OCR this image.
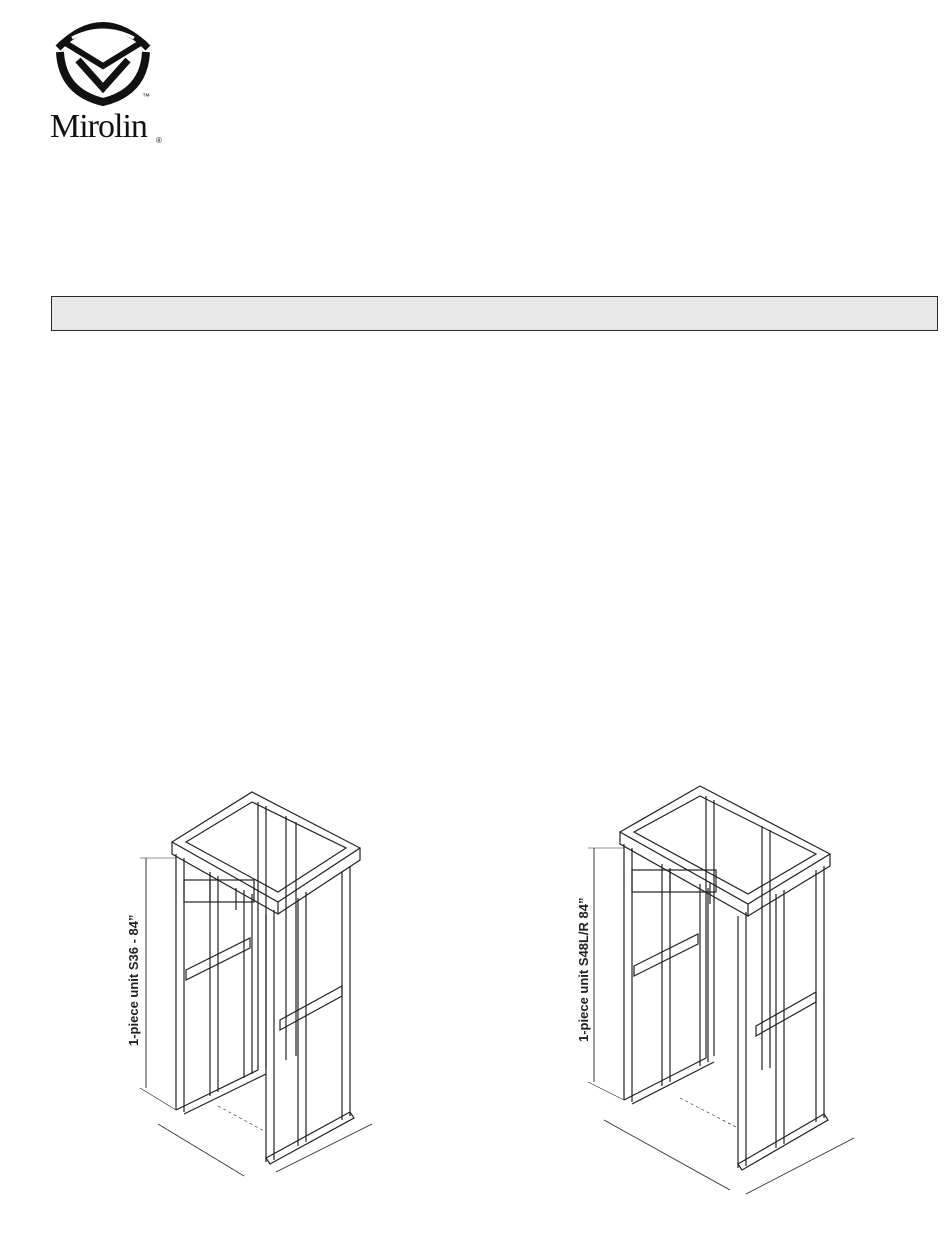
™
Mirolin ®
1-piece unit S36 - 84”	1-piece unit S48L/R 84”
